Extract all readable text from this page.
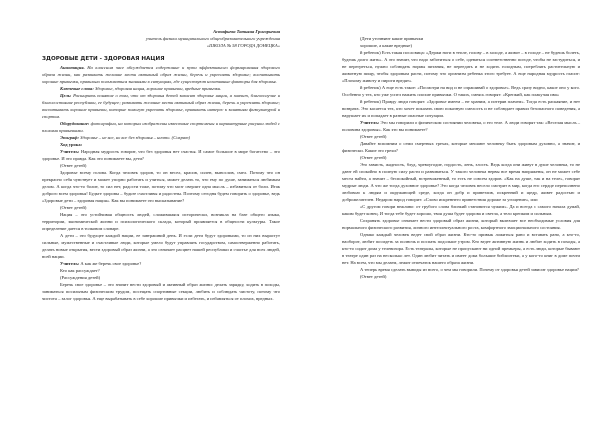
Астафьева Татьяна Григорьевна

учитель физики муниципального общеобразовательного учреждения

«ШКОЛА № 58 ГОРОДА ДОНЕЦКА»

ЗДОРОВЫЕ ДЕТИ - ЗДОРОВАЯ НАЦИЯ

Аннотация. На классном часе обсуждается содержание и пути эффективного формирования здорового образа жизни, как развивать желание вести активный образ жизни, беречь и укреплять здоровье; воспитывать хорошие привычки, правильно пользоваться знаниями в ситуациях, где существуют негативные факторы для здоровья.

Ключевые слова: Здоровье, здоровая нация, хорошие привычки, вредные привычки.

Цель: Расширить понятие о том, что от здоровья детей зависит здоровье нации, а значит, благополучие и благосостояние республики, ее будущее; развивать желание вести активный образ жизни, беречь и укреплять здоровье; воспитывать хорошие привычки, которые помогут укрепить здоровье, прививать интерес к занятиям физкультурой и спортом.

Оборудование: фотографии, на которых изображены известные спортсмены и карикатурные рисунки людей с плохими привычками.

Эпиграф: Здоровье – не все, но все без здоровья – ничто. (Сократ)

Ход урока:

Учитель: Народная мудрость говорит, что без здоровья нет счастья. И самое большое в мире богатство – это здоровье. И это правда. Как это понимаете вы, дети?

(Ответ детей)

Здоровье всему голова. Когда человек здоров, то он весел, красив, силен, вынослив, смел. Потому что он прекрасно себя чувствует и может упорно работать и учиться, может делать то, что ему по душе, заниматься любимым делом. А когда что-то болит, то сил нет, радости тоже, потому что мозг сверлит одна мысль – избавиться от боли. Итак доброго всем здоровья! Будьте здоровы – будьте счастливы и радостны. Поэтому сегодня будем говорить о здоровье, ведь «Здоровые дети – здоровая нация». Как вы понимаете это высказывание?

(Ответ детей)

Нация – это устойчивая общность людей, сложившаяся исторически, возникла на базе общего языка, территории, экономической жизни и психологического склада, который проявляется в общности культуры. Такое определение дается в толковом словаре.

А дети – это будущее каждой нации, ее завтрашний день. И если дети будут здоровыми, то из них вырастут сильные, мужественные и счастливые люди, которые умело будут управлять государством, самоотверженно работать, делать новые открытия, вести здоровый образ жизни, а это означает расцвет нашей республики и счастье для всех людей, всей нации.

Учитель: А как же беречь свое здоровье?

Кто как рассуждает?

(Рассуждения детей)

Беречь свое здоровье – это значит вести здоровый и активный образ жизни: делать зарядку, ходить в походы, заниматься посильным физическим трудом, посещать спортивные секции, любить и соблюдать чистоту, потому что чистота – залог здоровья. А еще вырабатывать в себе хорошие привычки и избегать, и избавляться от плохих, вредных.

(Дети уточняют какие привычки

хорошие, а какие вредные)

й ребенок) Есть такая пословица: «Держи ноги в тепле, голову – в холоде, а живот – в голоде – не будешь болеть, будешь долго жить». А это значит, что надо заботиться о себе, одеваться соответственно погоде, чтобы не застудиться, и не перегреться, нужно соблюдать нормы питания, не переедать и не ходить голодным, потреблять растительную и животную пищу, чтобы здоровым расти, потому что организм ребенка этого требует. А еще народная мудрость гласит: «Плохому животу и пироги вредят».

й ребенок) А еще есть такое: «Посмотри на вид и не спрашивай о здоровье». Ведь сразу видно, какое оно у кого. Особенно у тех, кто уже успел нажить плохие привычки. О таких, смеясь говорят: «Крепкий, как плакучая ива»

й ребенок) Правду люди говорят: «Здоровье имеем – не храним, а потеряв плачем». Тогда есть раскаяние, и нет возврата. Это касается тех, кто хочет показать свою показную смелость и не соблюдает правил безопасного поведения, а нарушает их и попадает в разные опасные ситуации.

Учитель: Это мы говорили о физическом состоянии человека, о его теле. А люди говорят так: «Веселая мысль – половина здоровья». Как это вы понимаете?

(Ответ детей)

Давайте вспомним о семи смертных грехах, которые мешают человеку быть здоровым духовно, а значит, и физически. Какие это грехи?

(Ответ детей)

Это зависть, жадность, блуд, чревоугодие, гордость, лень, злость. Ведь когда они живут в душе человека, то не дают ей спокойно в полную силу расти и развиваться. У такого человека нервы все время напряжены, он не может себе места найти, а значит – беспокойный, встревоженный, то есть не совсем здоров. «Как на душе, так и на теле», говорят мудрые люди. А что же тогда духовное здоровье? Это когда человек весело смотрит в мир, когда его сердце переполнено любовью к людям и окружающей среде, когда он добр и приветлив, искренний и щедр, живет радостью и доброжелателен. Недаром народ говорит: «Слово искреннего приветствия дороже за угощение», или

«С другом говори вежливо: от грубого слова близкий становится чужим». Да и всегда с самого начала думай, каким будет конец. И тогда тебе будет хорошо, твоя душа будет здорова и светла, а тело крепким и сильным.

Сохранять здоровье означает вести здоровый образ жизни, который включает все необходимые условия для нормального физического развития, личного интеллектуального роста, комфортного эмоционального состояния.

Однако каждый человек ведет свой образ жизни. Кто-то привык ложиться рано и вставать рано, а кто-то, наоборот, любит посидеть за полночь и поспать подольше утром. Кто ведет активную жизнь и любит ходить в походы, а кто-то сидит дома у телевизора. Есть театралы, которые не пропускают ни одной премьеры, а есть люди, которые бывают в театре один раз на несколько лет. Один любит читать и имеет дома большие библиотеки, а у кого-то книг в доме почти нет. На всем, что мы делаем, лежит отпечаток нашего образа жизни.

А теперь время сделать выводы из всего, о чем мы говорили. Почему от здоровья детей зависит здоровье нации?

(Ответ детей)
